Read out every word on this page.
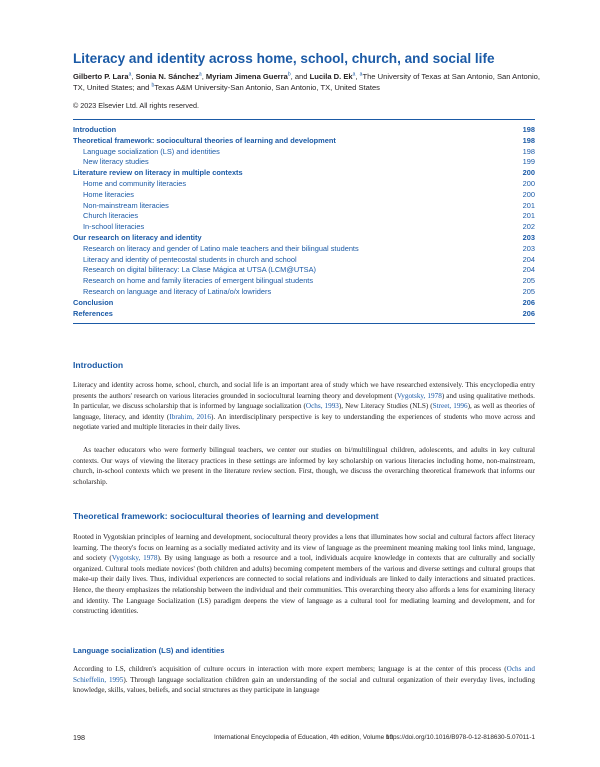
Literacy and identity across home, school, church, and social life
Gilberto P. Lara$^a$, Sonia N. Sánchez$^a$, Myriam Jimena Guerra$^b$, and Lucila D. Ek$^a$, $^a$The University of Texas at San Antonio, San Antonio, TX, United States; and $^b$Texas A&M University-San Antonio, San Antonio, TX, United States
© 2023 Elsevier Ltd. All rights reserved.
Introduction	198
Theoretical framework: sociocultural theories of learning and development	198
Language socialization (LS) and identities	198
New literacy studies	199
Literature review on literacy in multiple contexts	200
Home and community literacies	200
Home literacies	200
Non-mainstream literacies	201
Church literacies	201
In-school literacies	202
Our research on literacy and identity	203
Research on literacy and gender of Latino male teachers and their bilingual students	203
Literacy and identity of pentecostal students in church and school	204
Research on digital biliteracy: La Clase Mágica at UTSA (LCM@UTSA)	204
Research on home and family literacies of emergent bilingual students	205
Research on language and literacy of Latina/o/x lowriders	205
Conclusion	206
References	206
Introduction
Literacy and identity across home, school, church, and social life is an important area of study which we have researched extensively. This encyclopedia entry presents the authors' research on various literacies grounded in sociocultural learning theory and development (Vygotsky, 1978) and using qualitative methods. In particular, we discuss scholarship that is informed by language socialization (Ochs, 1993), New Literacy Studies (NLS) (Street, 1996), as well as theories of language, literacy, and identity (Ibrahim, 2016). An interdisciplinary perspective is key to understanding the experiences of students who move across and negotiate varied and multiple literacies in their daily lives.
As teacher educators who were formerly bilingual teachers, we center our studies on bi/multilingual children, adolescents, and adults in key cultural contexts. Our ways of viewing the literacy practices in these settings are informed by key scholarship on various literacies including home, non-mainstream, church, in-school contexts which we present in the literature review section. First, though, we discuss the overarching theoretical framework that informs our scholarship.
Theoretical framework: sociocultural theories of learning and development
Rooted in Vygotskian principles of learning and development, sociocultural theory provides a lens that illuminates how social and cultural factors affect literacy learning. The theory's focus on learning as a socially mediated activity and its view of language as the preeminent meaning making tool links mind, language, and society (Vygotsky, 1978). By using language as both a resource and a tool, individuals acquire knowledge in contexts that are culturally and socially organized. Cultural tools mediate novices' (both children and adults) becoming competent members of the various and diverse settings and cultural groups that make-up their daily lives. Thus, individual experiences are connected to social relations and individuals are linked to daily interactions and situated practices. Hence, the theory emphasizes the relationship between the individual and their communities. This overarching theory also affords a lens for examining literacy and identity. The Language Socialization (LS) paradigm deepens the view of language as a cultural tool for mediating learning and development, and for constructing identities.
Language socialization (LS) and identities
According to LS, children's acquisition of culture occurs in interaction with more expert members; language is at the center of this process (Ochs and Schieffelin, 1995). Through language socialization children gain an understanding of the social and cultural organization of their everyday lives, including knowledge, skills, values, beliefs, and social structures as they participate in language
198	International Encyclopedia of Education, 4th edition, Volume 10
https://doi.org/10.1016/B978-0-12-818630-5.07011-1
